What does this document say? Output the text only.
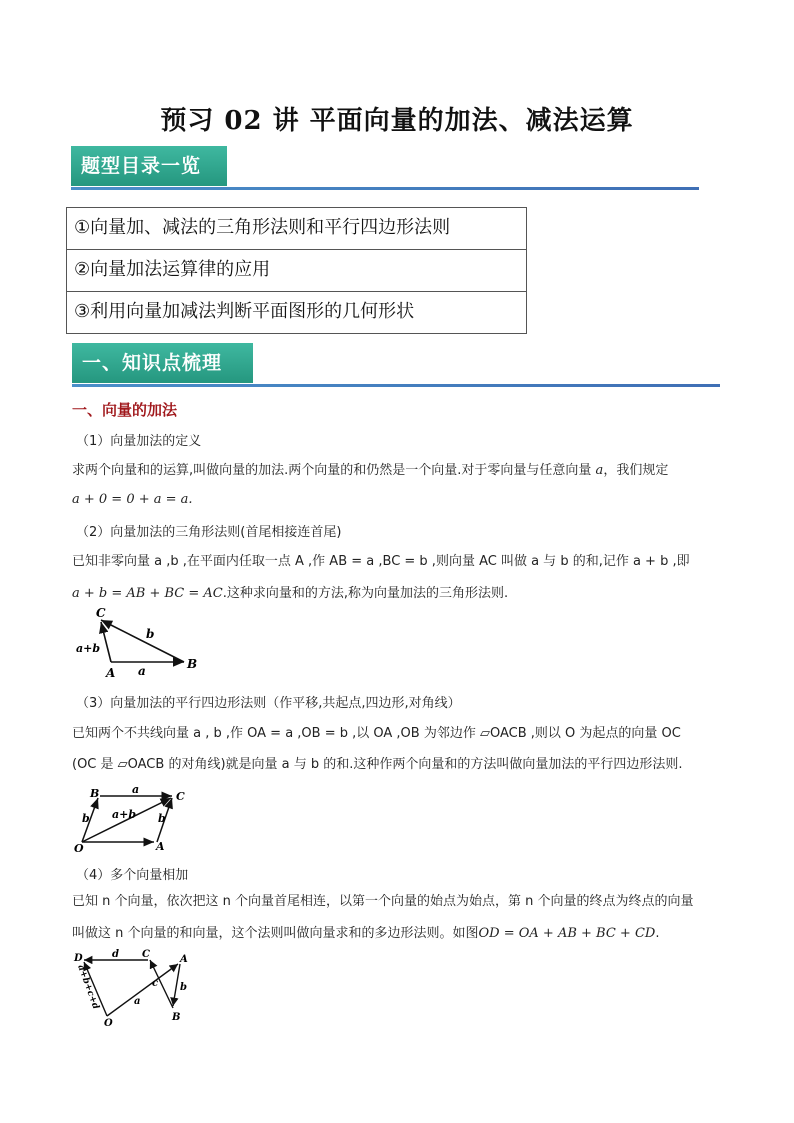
预习 02 讲 平面向量的加法、减法运算
题型目录一览
①向量加、减法的三角形法则和平行四边形法则
②向量加法运算律的应用
③利用向量加减法判断平面图形的几何形状
一、知识点梳理
一、向量的加法
（1）向量加法的定义
求两个向量和的运算,叫做向量的加法.两个向量的和仍然是一个向量.对于零向量与任意向量 a，我们规定
a + 0 = 0 + a = a.
（2）向量加法的三角形法则(首尾相接连首尾)
已知非零向量 a ,b ,在平面内任取一点 A ,作 AB = a ,BC = b ,则向量 AC 叫做 a 与 b 的和,记作 a + b ,即
a + b = AB + BC = AC.这种求向量和的方法,称为向量加法的三角形法则.
C
b
a+b
a
A
B
（3）向量加法的平行四边形法则（作平移,共起点,四边形,对角线）
已知两个不共线向量 a , b ,作 OA = a ,OB = b ,以 OA ,OB 为邻边作 ▱OACB ,则以 O 为起点的向量 OC
(OC 是 ▱OACB 的对角线)就是向量 a 与 b 的和.这种作两个向量和的方法叫做向量加法的平行四边形法则.
B	a
C
a+b
b	b
O	A
（4）多个向量相加
已知 n 个向量，依次把这 n 个向量首尾相连，以第一个向量的始点为始点，第 n 个向量的终点为终点的向量
叫做这 n 个向量的和向量，这个法则叫做向量求和的多边形法则。如图OD = OA + AB + BC + CD.
D	d C	A
c b
a
B
O
a+b+c+d
